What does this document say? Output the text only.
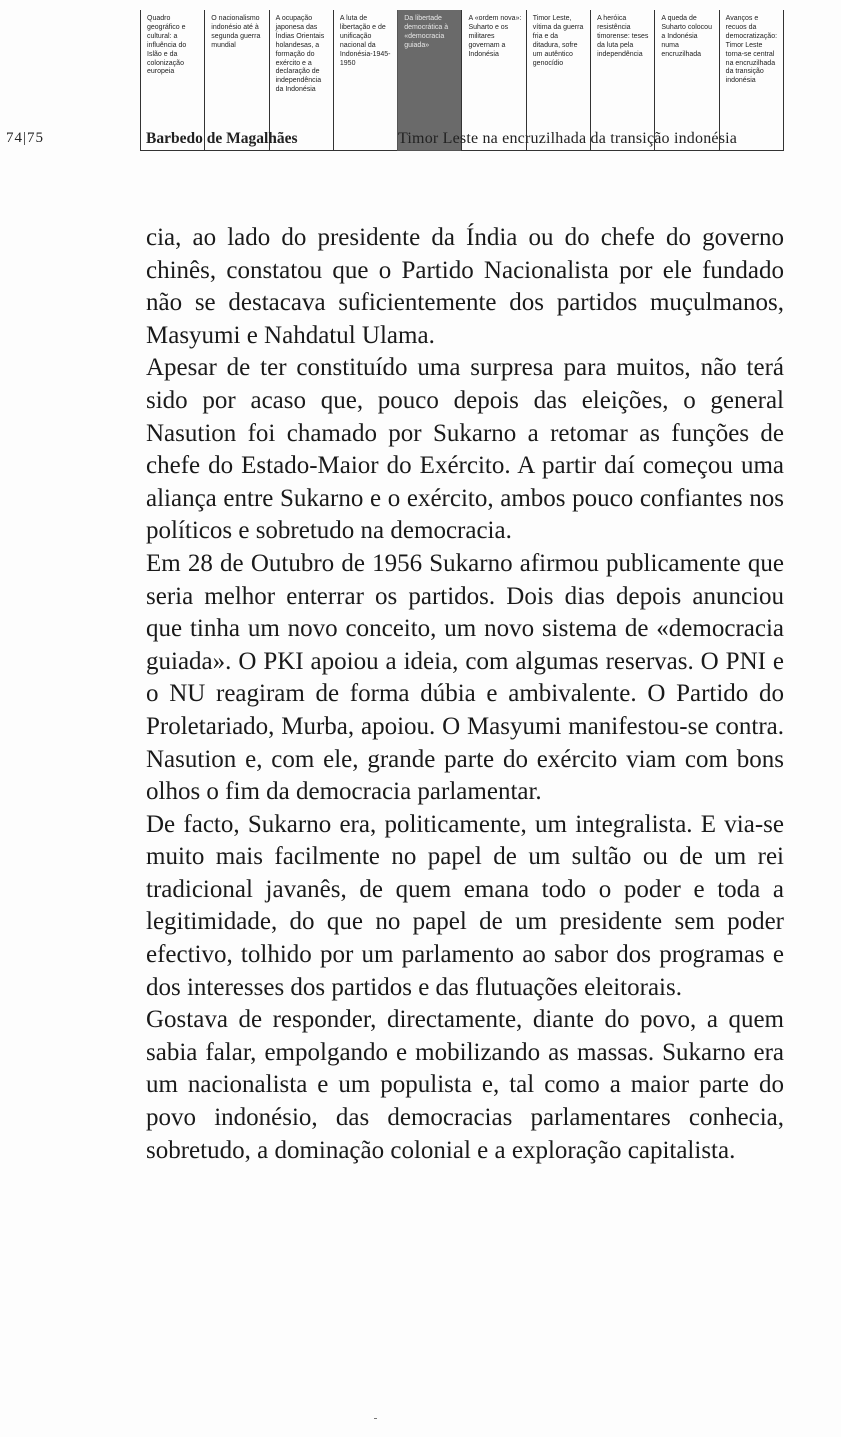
Quadro geográfico e cultural: a influência do Islão e da colonização europeia
O nacionalismo indonésio até à segunda guerra mundial
A ocupação japonesa das Índias Orientais holandesas, a formação do exército e a declaração de independência da Indonésia
A luta de libertação e de unificação nacional da Indonésia-1945-1950
Da libertade democrática à «democracia guiada»
A «ordem nova»: Suharto e os militares governam a Indonésia
Timor Leste, vítima da guerra fria e da ditadura, sofre um autêntico genocídio
A heróica resistência timorense: teses da luta pela independência
A queda de Suharto colocou a Indonésia numa encruzilhada
Avanços e recuos da democratização: Timor Leste torna-se central na encruzilhada da transição indonésia
74|75	Barbedo de Magalhães	Timor Leste na encruzilhada da transição indonésia

cia, ao lado do presidente da Índia ou do chefe do governo chinês, constatou que o Partido Nacionalista por ele fundado não se destacava suficientemente dos partidos muçulmanos, Masyumi e Nahdatul Ulama.

Apesar de ter constituído uma surpresa para muitos, não terá sido por acaso que, pouco depois das eleições, o general Nasution foi chamado por Sukarno a retomar as funções de chefe do Estado-Maior do Exército. A partir daí começou uma aliança entre Sukarno e o exército, ambos pouco confiantes nos políticos e sobretudo na democracia.

Em 28 de Outubro de 1956 Sukarno afirmou publicamente que seria melhor enterrar os partidos. Dois dias depois anunciou que tinha um novo conceito, um novo sistema de «democracia guiada». O PKI apoiou a ideia, com algumas reservas. O PNI e o NU reagiram de forma dúbia e ambivalente. O Partido do Proletariado, Murba, apoiou. O Masyumi manifestou-se contra. Nasution e, com ele, grande parte do exército viam com bons olhos o fim da democracia parlamentar.

De facto, Sukarno era, politicamente, um integralista. E via-se muito mais facilmente no papel de um sultão ou de um rei tradicional javanês, de quem emana todo o poder e toda a legitimidade, do que no papel de um presidente sem poder efectivo, tolhido por um parlamento ao sabor dos programas e dos interesses dos partidos e das flutuações eleitorais.

Gostava de responder, directamente, diante do povo, a quem sabia falar, empolgando e mobilizando as massas. Sukarno era um nacionalista e um populista e, tal como a maior parte do povo indonésio, das democracias parlamentares conhecia, sobretudo, a dominação colonial e a exploração capitalista.
